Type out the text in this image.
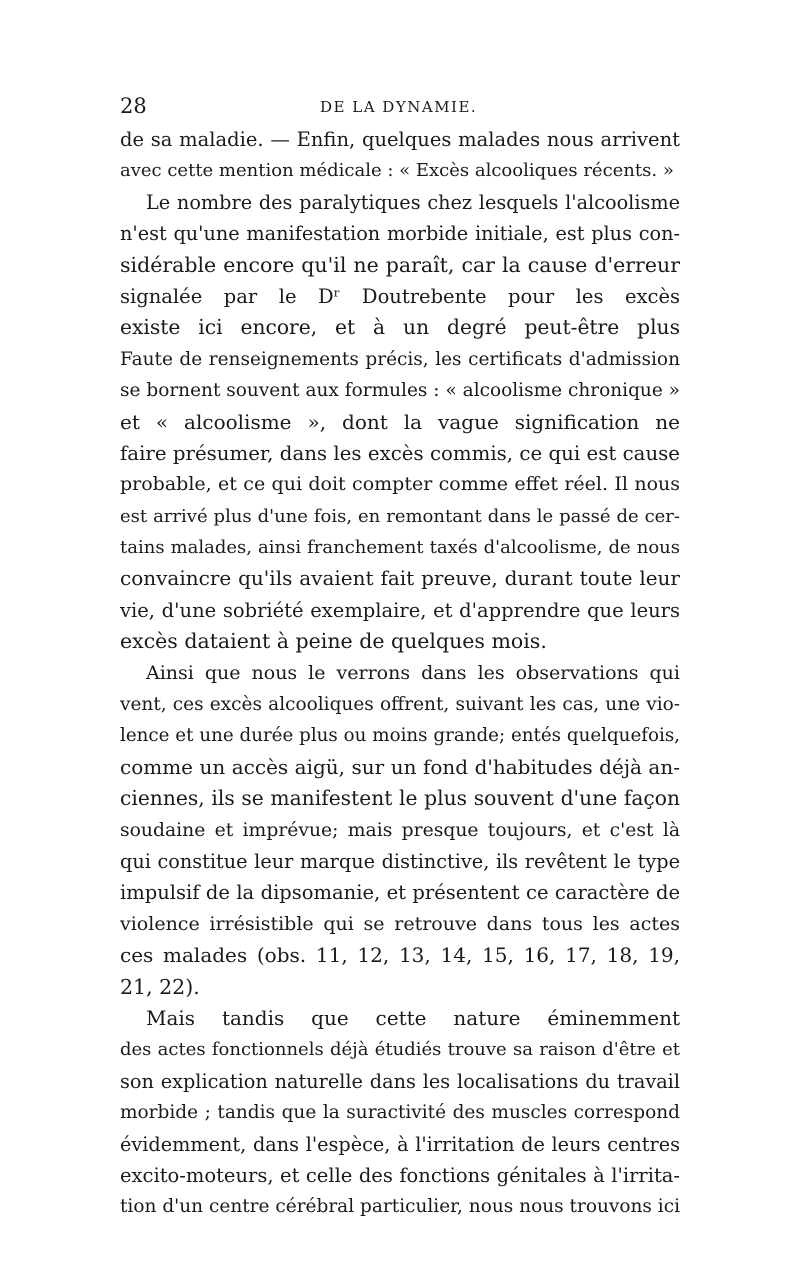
28	DE LA DYNAMIE.
de sa maladie. — Enfin, quelques malades nous arrivent
avec cette mention médicale : « Excès alcooliques récents. »
Le nombre des paralytiques chez lesquels l'alcoolisme
n'est qu'une manifestation morbide initiale, est plus con-
sidérable encore qu'il ne paraît, car la cause d'erreur
signalée par le Dʳ Doutrebente pour les excès
existe ici encore, et à un degré peut-être plus
Faute de renseignements précis, les certificats d'admission
se bornent souvent aux formules : « alcoolisme chronique »
et « alcoolisme », dont la vague signification ne
faire présumer, dans les excès commis, ce qui est cause
probable, et ce qui doit compter comme effet réel. Il nous
est arrivé plus d'une fois, en remontant dans le passé de cer-
tains malades, ainsi franchement taxés d'alcoolisme, de nous
convaincre qu'ils avaient fait preuve, durant toute leur
vie, d'une sobriété exemplaire, et d'apprendre que leurs
excès dataient à peine de quelques mois.
Ainsi que nous le verrons dans les observations qui
vent, ces excès alcooliques offrent, suivant les cas, une vio-
lence et une durée plus ou moins grande; entés quelquefois,
comme un accès aigü, sur un fond d'habitudes déjà an-
ciennes, ils se manifestent le plus souvent d'une façon
soudaine et imprévue; mais presque toujours, et c'est là
qui constitue leur marque distinctive, ils revêtent le type
impulsif de la dipsomanie, et présentent ce caractère de
violence irrésistible qui se retrouve dans tous les actes
ces malades (obs. 11, 12, 13, 14, 15, 16, 17, 18, 19,
21, 22).
Mais tandis que cette nature éminemment
des actes fonctionnels déjà étudiés trouve sa raison d'être et
son explication naturelle dans les localisations du travail
morbide ; tandis que la suractivité des muscles correspond
évidemment, dans l'espèce, à l'irritation de leurs centres
excito-moteurs, et celle des fonctions génitales à l'irrita-
tion d'un centre cérébral particulier, nous nous trouvons ici
